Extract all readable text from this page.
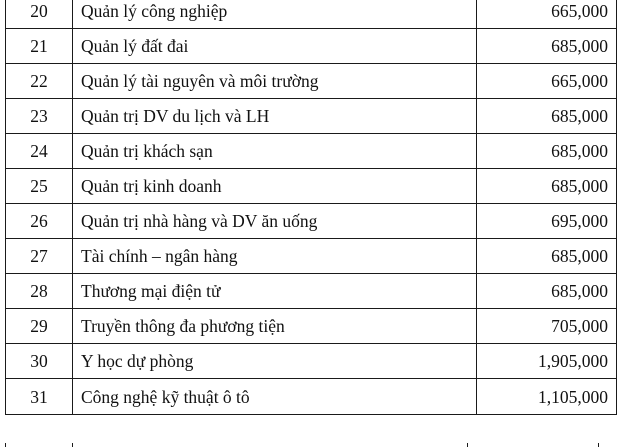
20	Quản lý công nghiệp	665,000
21	Quản lý đất đai	685,000
22	Quản lý tài nguyên và môi trường	665,000
23	Quản trị DV du lịch và LH	685,000
24	Quản trị khách sạn	685,000
25	Quản trị kinh doanh	685,000
26	Quản trị nhà hàng và DV ăn uống	695,000
27	Tài chính – ngân hàng	685,000
28	Thương mại điện tử	685,000
29	Truyền thông đa phương tiện	705,000
30	Y học dự phòng	1,905,000
31	Công nghệ kỹ thuật ô tô	1,105,000
